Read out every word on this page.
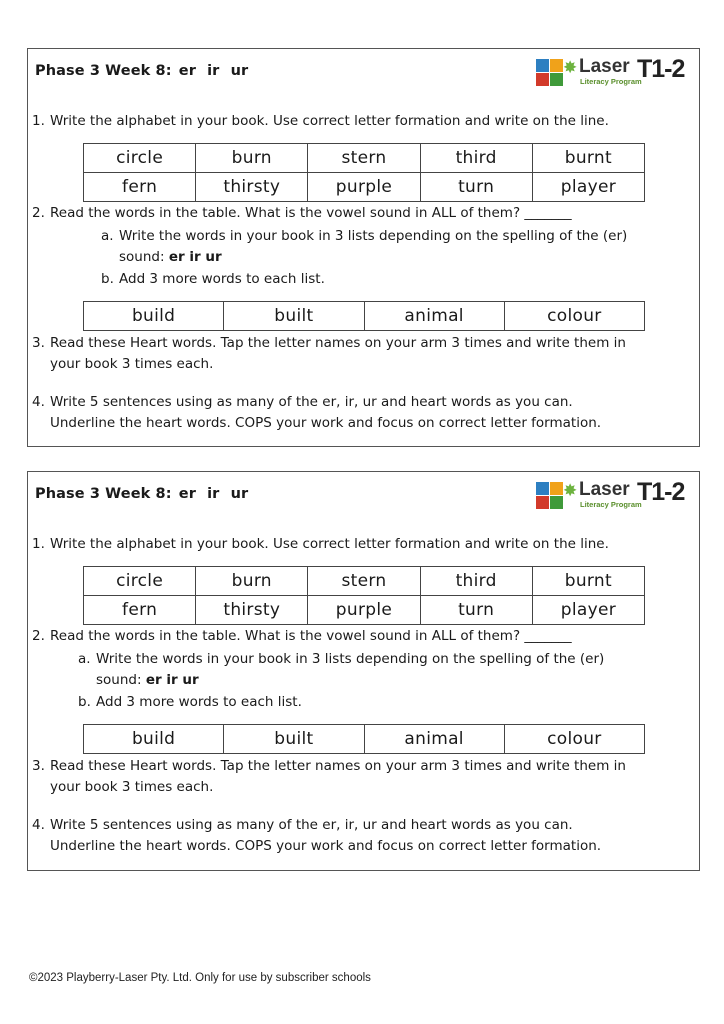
Phase 3 Week 8: er ir ur	✸ Laser
Literacy Program
T1-2
1. Write the alphabet in your book. Use correct letter formation and write on the line.
circle	burn	stern	third	burnt
fern	thirsty	purple	turn	player
2. Read the words in the table. What is the vowel sound in ALL of them? _______
a. Write the words in your book in 3 lists depending on the spelling of the (er)
sound: er ir ur
b. Add 3 more words to each list.
build	built	animal	colour
3. Read these Heart words. Tap the letter names on your arm 3 times and write them in
your book 3 times each.
4. Write 5 sentences using as many of the er, ir, ur and heart words as you can.
Underline the heart words. COPS your work and focus on correct letter formation.
Phase 3 Week 8: er ir ur	✸ Laser
Literacy Program
T1-2
1. Write the alphabet in your book. Use correct letter formation and write on the line.
circle	burn	stern	third	burnt
fern	thirsty	purple	turn	player
2. Read the words in the table. What is the vowel sound in ALL of them? _______
a. Write the words in your book in 3 lists depending on the spelling of the (er)
sound: er ir ur
b. Add 3 more words to each list.
build	built	animal	colour
3. Read these Heart words. Tap the letter names on your arm 3 times and write them in
your book 3 times each.
4. Write 5 sentences using as many of the er, ir, ur and heart words as you can.
Underline the heart words. COPS your work and focus on correct letter formation.
©2023 Playberry-Laser Pty. Ltd. Only for use by subscriber schools
